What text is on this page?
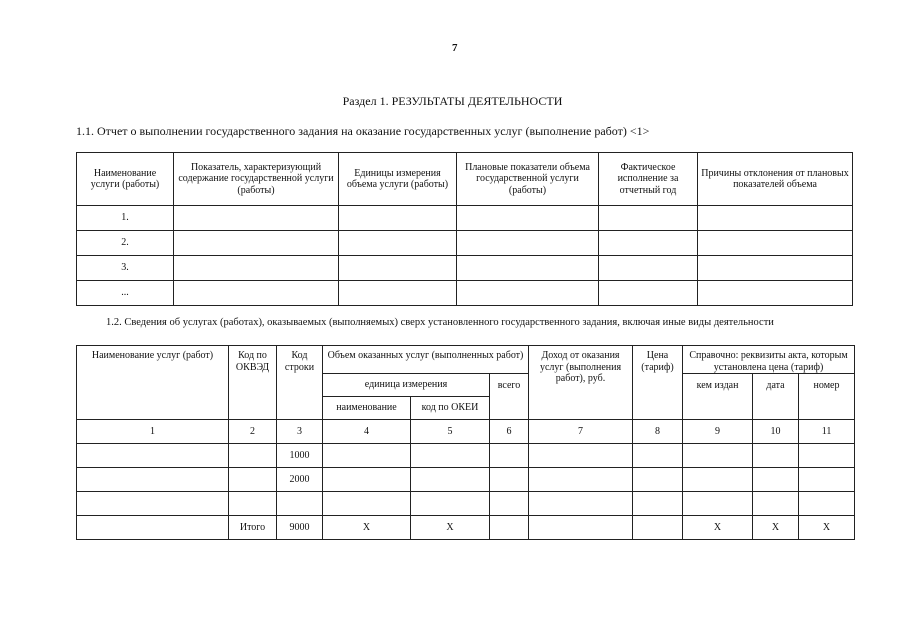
7
Раздел 1. РЕЗУЛЬТАТЫ ДЕЯТЕЛЬНОСТИ
1.1. Отчет о выполнении государственного задания на оказание государственных услуг (выполнение работ) <1>
Наименование услуги (работы)	Показатель, характеризующий содержание государственной услуги (работы)	Единицы измерения объема услуги (работы)	Плановые показатели объема государственной услуги (работы)	Фактическое исполнение за отчетный год	Причины отклонения от плановых показателей объема
1.					
2.					
3.					
...					
1.2. Сведения об услугах (работах), оказываемых (выполняемых) сверх установленного государственного задания, включая иные виды деятельности
Наименование услуг (работ)	Код по ОКВЭД	Код строки	Объем оказанных услуг (выполненных работ)			Доход от оказания услуг (выполнения работ), руб.	Цена (тариф)	Справочно: реквизиты акта, которым установлена цена (тариф)		
			единица измерения		всего			кем издан	дата	номер
			наименование	код по ОКЕИ						
1	2	3	4	5	6	7	8	9	10	11
		1000								
		2000								

	Итого	9000	X	X				X	X	X
